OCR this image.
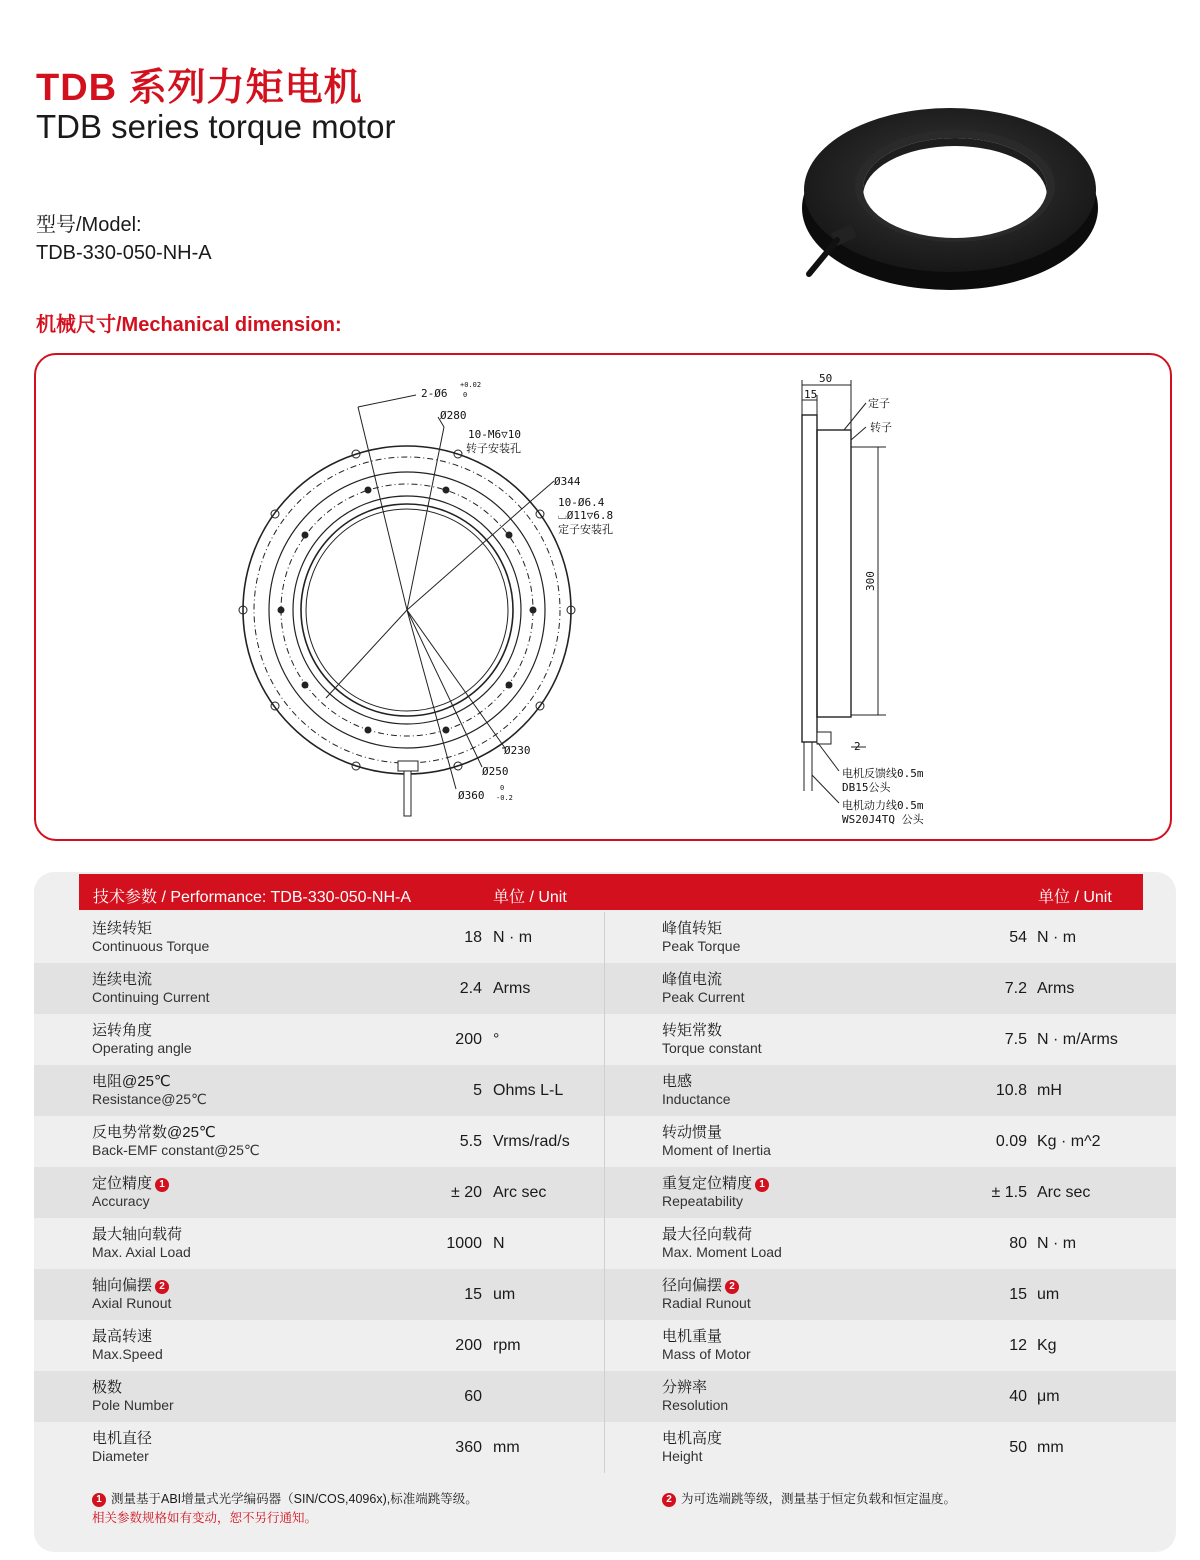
TDB 系列力矩电机
TDB series torque motor
型号/Model:
TDB-330-050-NH-A
机械尺寸/Mechanical dimension:
2-Ø6
+0.02
0
Ø280
10-M6▽10
转子安装孔
Ø344
10-Ø6.4
⌴Ø11▽6.8
定子安装孔
Ø230
Ø250
Ø360
0
-0.2
50
15
定子
转子
300
2
电机反馈线0.5m
DB15公头
电机动力线0.5m
WS20J4TQ 公头
技术参数 / Performance: TDB-330-050-NH-A	单位 / Unit	单位 / Unit
连续转矩
Continuous Torque	18 N · m
峰值转矩
Peak Torque	54 N · m
连续电流
Continuing Current	2.4 Arms
峰值电流
Peak Current	7.2 Arms
运转角度
Operating angle	200 °
转矩常数
Torque constant	7.5 N · m/Arms
电阻@25℃
Resistance@25℃	5 Ohms L-L
电感
Inductance	10.8 mH
反电势常数@25℃
Back-EMF constant@25℃	5.5 Vrms/rad/s
转动惯量
Moment of Inertia	0.09 Kg · m^2
定位精度 1
Accuracy	± 20 Arc sec
重复定位精度 1
Repeatability	± 1.5 Arc sec
最大轴向载荷
Max. Axial Load	1000 N
最大径向载荷
Max. Moment Load	80 N · m
轴向偏摆 2
Axial Runout	15 um
径向偏摆 2
Radial Runout	15 um
最高转速
Max.Speed	200 rpm
电机重量
Mass of Motor	12 Kg
极数
Pole Number	60
分辨率
Resolution	40 μm
电机直径
Diameter	360 mm
电机高度
Height	50 mm
1 测量基于ABI增量式光学编码器（SIN/COS,4096x),标准端跳等级。
相关参数规格如有变动，恕不另行通知。
2 为可选端跳等级，测量基于恒定负载和恒定温度。
